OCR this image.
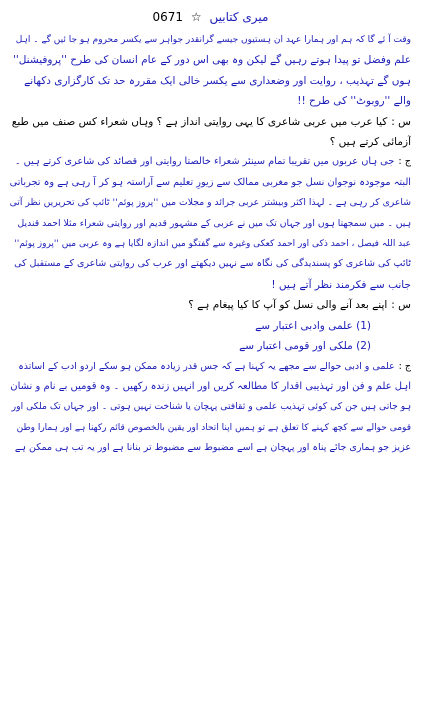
میری کتابیں ☆ 0671
وقت آ ئے گا کہ ہم اور ہمارا عہد ان ہستیوں جیسے گرانقدر جواہر سے یکسر محروم ہو جا ئیں گے ۔ اہل
علم وفضل تو پیدا ہوتے رہیں گے لیکن وہ بھی اس دور کے عام انسان کی طرح ''پروفیشنل''
ہوں گے تہذیب ، روایت اور وضعداری سے یکسر خالی ایک مقررہ حد تک کارگزاری دکھانے
والے ''روبوٹ'' کی طرح !!
س :کیا عرب میں عربی شاعری کا یہی روایتی انداز ہے ؟ وہاں شعراء کس صنف میں طبع
آزمائی کرتے ہیں ؟
ج :جی ہاں عربوں میں تقریبا تمام سینئر شعراء خالصتا روایتی اور قصائد کی شاعری کرتے ہیں ۔
البتہ موجودہ نوجوان نسل جو مغربی ممالک سے زیورِ تعلیم سے آراستہ ہو کر آ رہی ہے وہ تجرباتی
شاعری کر رہی ہے ۔ لہذا اکثر وبیشتر عربی جرائد و مجلات میں ''پروز پوئم'' ٹائپ کی تحریریں نظر آتی
ہیں ۔ میں سمجھتا ہوں اور جہاں تک میں نے عربی کے مشہور قدیم اور روایتی شعراء مثلا احمد قندیل
عبد اللہ فیصل ، احمد ذکی اور احمد کعکی وغیرہ سے گفتگو میں اندازہ لگایا ہے وہ عربی میں ''پروز پوئم''
ٹائپ کی شاعری کو پسندیدگی کی نگاہ سے نہیں دیکھتے اور عرب کی روایتی شاعری کے مستقبل کی
جانب سے فکرمند نظر آتے ہیں !
س :اپنے بعد آنے والی نسل کو آپ کا کیا پیغام ہے ؟
(1) علمی وادبی اعتبار سے
(2) ملکی اور قومی اعتبار سے
ج :علمی و ادبی حوالے سے مجھے یہ کہنا ہے کہ جس قدر زیادہ ممکن ہو سکے اردو ادب کے اساتذہ
اہل علم و فن اور تہذیبی اقدار کا مطالعہ کریں اور انہیں زندہ رکھیں ۔ وہ قومیں بے نام و نشان
ہو جاتی ہیں جن کی کوئی تہذیب علمی و ثقافتی پہچان یا شناخت نہیں ہوتی ۔ اور جہاں تک ملکی اور
قومی حوالے سے کچھ کہنے کا تعلق ہے تو ہمیں اپنا اتحاد اور یقین بالخصوص قائم رکھنا ہے اور ہمارا وطن
عزیز جو ہماری جائے پناہ اور پہچان ہے اسے مضبوط سے مضبوط تر بنانا ہے اور یہ تب ہی ممکن ہے
